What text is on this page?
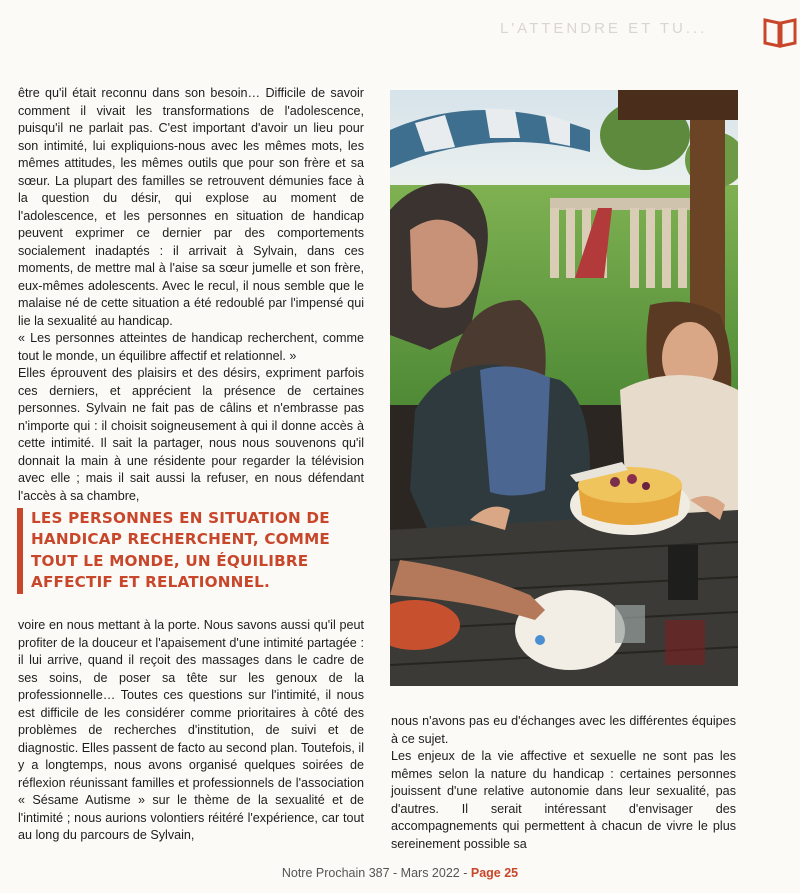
L'ATTENDRE ET TU...

être qu'il était reconnu dans son besoin… Difficile de savoir comment il vivait les transformations de l'adolescence, puisqu'il ne parlait pas. C'est important d'avoir un lieu pour son intimité, lui expliquions-nous avec les mêmes mots, les mêmes attitudes, les mêmes outils que pour son frère et sa sœur. La plupart des familles se retrouvent démunies face à la question du désir, qui explose au moment de l'adolescence, et les personnes en situation de handicap peuvent exprimer ce dernier par des comportements socialement inadaptés : il arrivait à Sylvain, dans ces moments, de mettre mal à l'aise sa sœur jumelle et son frère, eux-mêmes adolescents. Avec le recul, il nous semble que le malaise né de cette situation a été redoublé par l'impensé qui lie la sexualité au handicap.

« Les personnes atteintes de handicap recherchent, comme tout le monde, un équilibre affectif et relationnel. »

Elles éprouvent des plaisirs et des désirs, expriment parfois ces derniers, et apprécient la présence de certaines personnes. Sylvain ne fait pas de câlins et n'embrasse pas n'importe qui : il choisit soigneusement à qui il donne accès à cette intimité. Il sait la partager, nous nous souvenons qu'il donnait la main à une résidente pour regarder la télévision avec elle ; mais il sait aussi la refuser, en nous défendant l'accès à sa chambre,

LES PERSONNES EN SITUATION DE HANDICAP RECHERCHENT, COMME TOUT LE MONDE, UN ÉQUILIBRE AFFECTIF ET RELATIONNEL.

voire en nous mettant à la porte. Nous savons aussi qu'il peut profiter de la douceur et l'apaisement d'une intimité partagée : il lui arrive, quand il reçoit des massages dans le cadre de ses soins, de poser sa tête sur les genoux de la professionnelle… Toutes ces questions sur l'intimité, il nous est difficile de les considérer comme prioritaires à côté des problèmes de recherches d'institution, de suivi et de diagnostic. Elles passent de facto au second plan. Toutefois, il y a longtemps, nous avons organisé quelques soirées de réflexion réunissant familles et professionnels de l'association « Sésame Autisme » sur le thème de la sexualité et de l'intimité ; nous aurions volontiers réitéré l'expérience, car tout au long du parcours de Sylvain,

nous n'avons pas eu d'échanges avec les différentes équipes à ce sujet.

Les enjeux de la vie affective et sexuelle ne sont pas les mêmes selon la nature du handicap : certaines personnes jouissent d'une relative autonomie dans leur sexualité, pas d'autres. Il serait intéressant d'envisager des accompagnements qui permettent à chacun de vivre le plus sereinement possible sa

Notre Prochain 387 - Mars 2022 - Page 25
